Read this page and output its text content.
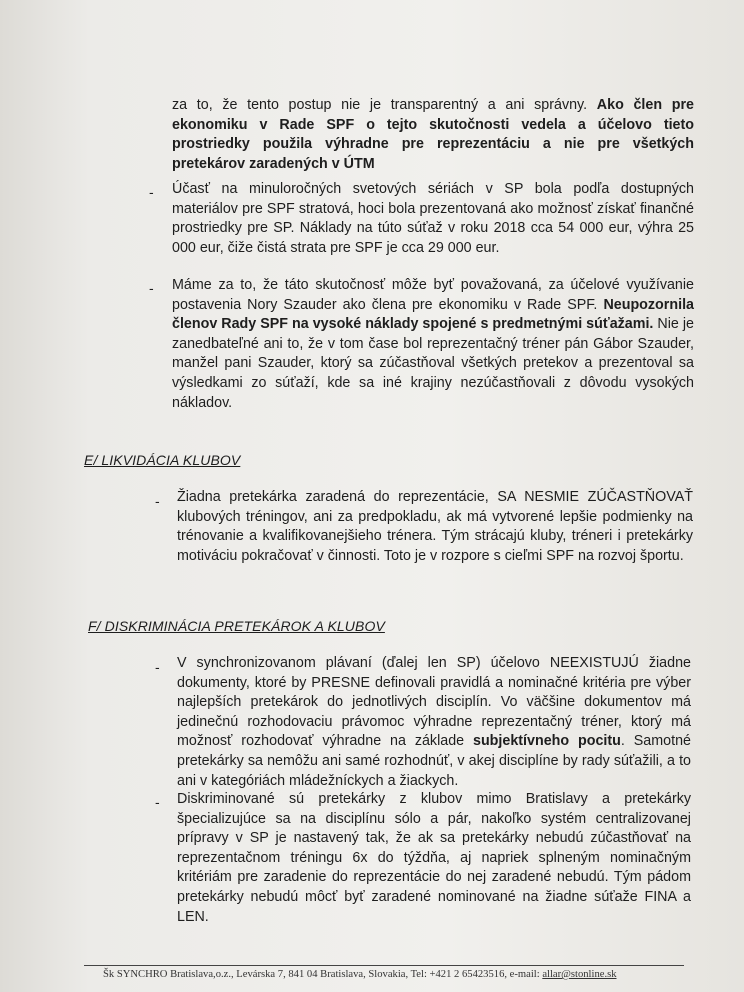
za to, že tento postup nie je transparentný a ani správny. Ako člen pre ekonomiku v Rade SPF o tejto skutočnosti vedela a účelovo tieto prostriedky použila výhradne pre reprezentáciu a nie pre všetkých pretekárov zaradených v ÚTM

- Účasť na minuloročných svetových sériách v SP bola podľa dostupných materiálov pre SPF stratová, hoci bola prezentovaná ako možnosť získať finančné prostriedky pre SP. Náklady na túto súťaž v roku 2018 cca 54 000 eur, výhra 25 000 eur, čiže čistá strata pre SPF je cca 29 000 eur.

- Máme za to, že táto skutočnosť môže byť považovaná, za účelové využívanie postavenia Nory Szauder ako člena pre ekonomiku v Rade SPF. Neupozornila členov Rady SPF na vysoké náklady spojené s predmetnými súťažami. Nie je zanedbateľné ani to, že v tom čase bol reprezentačný tréner pán Gábor Szauder, manžel pani Szauder, ktorý sa zúčastňoval všetkých pretekov a prezentoval sa výsledkami zo súťaží, kde sa iné krajiny nezúčastňovali z dôvodu vysokých nákladov.

E/ LIKVIDÁCIA KLUBOV
- Žiadna pretekárka zaradená do reprezentácie, SA NESMIE ZÚČASTŇOVAŤ klubových tréningov, ani za predpokladu, ak má vytvorené lepšie podmienky na trénovanie a kvalifikovanejšieho trénera. Tým strácajú kluby, tréneri i pretekárky motiváciu pokračovať v činnosti. Toto je v rozpore s cieľmi SPF na rozvoj športu.

F/ DISKRIMINÁCIA PRETEKÁROK A KLUBOV
- V synchronizovanom plávaní (ďalej len SP) účelovo NEEXISTUJÚ žiadne dokumenty, ktoré by PRESNE definovali pravidlá a nominačné kritéria pre výber najlepších pretekárok do jednotlivých disciplín. Vo väčšine dokumentov má jedinečnú rozhodovaciu právomoc výhradne reprezentačný tréner, ktorý má možnosť rozhodovať výhradne na základe subjektívneho pocitu. Samotné pretekárky sa nemôžu ani samé rozhodnúť, v akej disciplíne by rady súťažili, a to ani v kategóriách mládežníckych a žiackych.

- Diskriminované sú pretekárky z klubov mimo Bratislavy a pretekárky špecializujúce sa na disciplínu sólo a pár, nakoľko systém centralizovanej prípravy v SP je nastavený tak, že ak sa pretekárky nebudú zúčastňovať na reprezentačnom tréningu 6x do týždňa, aj napriek splneným nominačným kritériám pre zaradenie do reprezentácie do nej zaradené nebudú. Tým pádom pretekárky nebudú môcť byť zaradené nominované na žiadne súťaže FINA a LEN.

Šk SYNCHRO Bratislava,o.z., Levárska 7, 841 04 Bratislava, Slovakia, Tel: +421 2 65423516, e-mail: allar@stonline.sk
